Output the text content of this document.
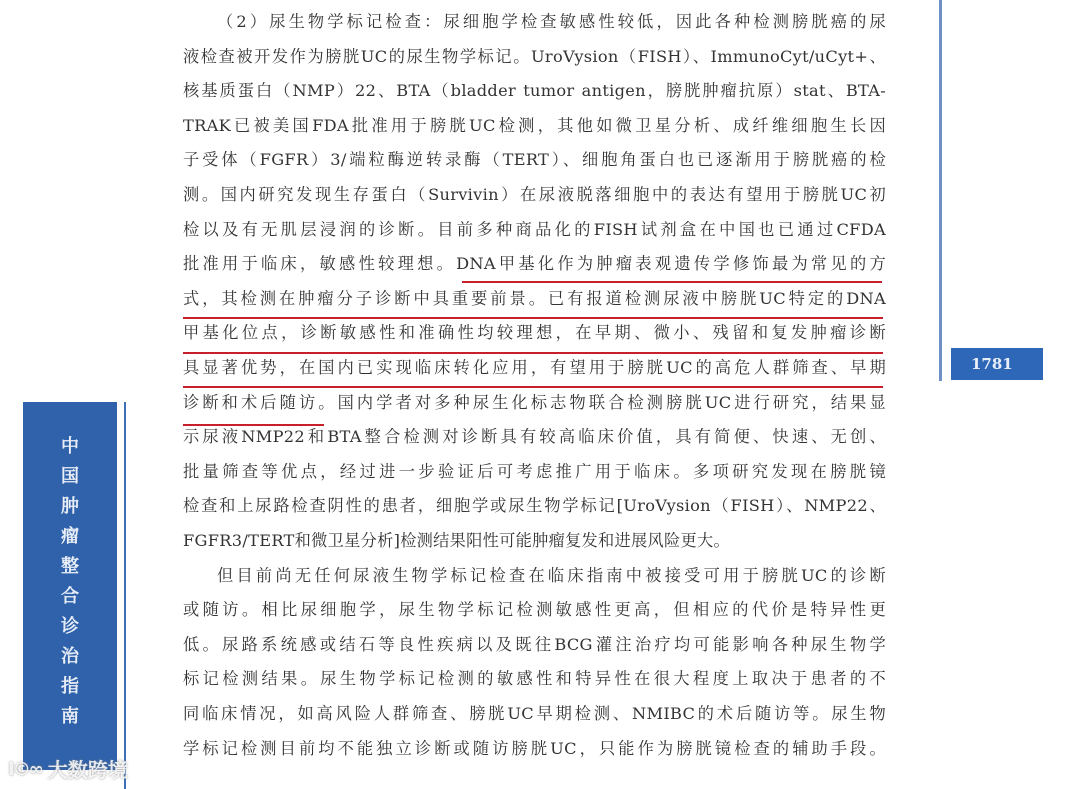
（2）尿生物学标记检查：尿细胞学检查敏感性较低，因此各种检测膀胱癌的尿
液检查被开发作为膀胱UC的尿生物学标记。UroVysion（FISH）、ImmunoCyt/uCyt+、
核基质蛋白（NMP）22、BTA（bladder tumor antigen，膀胱肿瘤抗原）stat、BTA-
TRAK已被美国FDA批准用于膀胱UC检测，其他如微卫星分析、成纤维细胞生长因
子受体（FGFR）3/端粒酶逆转录酶（TERT）、细胞角蛋白也已逐渐用于膀胱癌的检
测。国内研究发现生存蛋白（Survivin）在尿液脱落细胞中的表达有望用于膀胱UC初
检以及有无肌层浸润的诊断。目前多种商品化的FISH试剂盒在中国也已通过CFDA
批准用于临床，敏感性较理想。DNA甲基化作为肿瘤表观遗传学修饰最为常见的方
式，其检测在肿瘤分子诊断中具重要前景。已有报道检测尿液中膀胱UC特定的DNA
甲基化位点，诊断敏感性和准确性均较理想，在早期、微小、残留和复发肿瘤诊断
具显著优势，在国内已实现临床转化应用，有望用于膀胱UC的高危人群筛查、早期
诊断和术后随访。国内学者对多种尿生化标志物联合检测膀胱UC进行研究，结果显
示尿液NMP22和BTA整合检测对诊断具有较高临床价值，具有简便、快速、无创、
批量筛查等优点，经过进一步验证后可考虑推广用于临床。多项研究发现在膀胱镜
检查和上尿路检查阴性的患者，细胞学或尿生物学标记[UroVysion（FISH）、NMP22、
FGFR3/TERT和微卫星分析]检测结果阳性可能肿瘤复发和进展风险更大。
但目前尚无任何尿液生物学标记检查在临床指南中被接受可用于膀胱UC的诊断
或随访。相比尿细胞学，尿生物学标记检测敏感性更高，但相应的代价是特异性更
低。尿路系统感或结石等良性疾病以及既往BCG灌注治疗均可能影响各种尿生物学
标记检测结果。尿生物学标记检测的敏感性和特异性在很大程度上取决于患者的不
同临床情况，如高风险人群筛查、膀胱UC早期检测、NMIBC的术后随访等。尿生物
学标记检测目前均不能独立诊断或随访膀胱UC，只能作为膀胱镜检查的辅助手段。
中
国
肿
瘤
整
合
诊
治
指
南
1781
I©∞ 大数跨境
